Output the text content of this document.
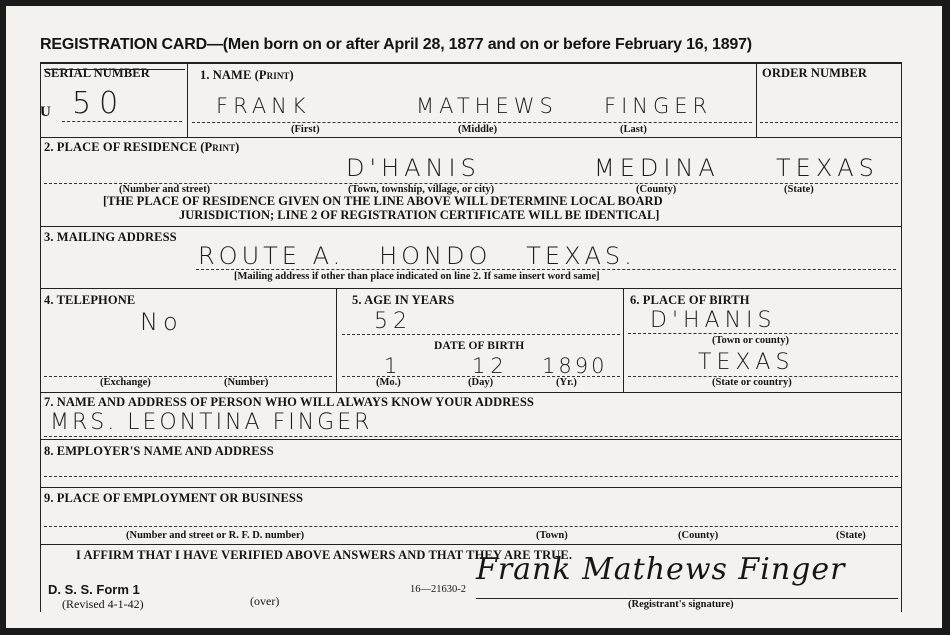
REGISTRATION CARD—(Men born on or after April 28, 1877 and on or before February 16, 1897)
SERIAL NUMBER
U 50
1. NAME (Print)
FRANK	MATHEWS FINGER
(First)	(Middle)	(Last)
ORDER NUMBER
2. PLACE OF RESIDENCE (Print)
D'HANIS	MEDINA TEXAS
(Number and street)	(Town, township, village, or city)	(County)	(State)
[THE PLACE OF RESIDENCE GIVEN ON THE LINE ABOVE WILL DETERMINE LOCAL BOARD
JURISDICTION; LINE 2 OF REGISTRATION CERTIFICATE WILL BE IDENTICAL]
3. MAILING ADDRESS
ROUTE A.   HONDO   TEXAS.
[Mailing address if other than place indicated on line 2. If same insert word same]
4. TELEPHONE
No
(Exchange)	(Number)
5. AGE IN YEARS
52
DATE OF BIRTH
1	12 1890
(Mo.)	(Day)	(Yr.)
6. PLACE OF BIRTH
D'HANIS
(Town or county)
TEXAS
(State or country)
7. NAME AND ADDRESS OF PERSON WHO WILL ALWAYS KNOW YOUR ADDRESS
MRS. LEONTINA FINGER
8. EMPLOYER'S NAME AND ADDRESS
9. PLACE OF EMPLOYMENT OR BUSINESS
(Number and street or R. F. D. number)	(Town)	(County)	(State)
I AFFIRM THAT I HAVE VERIFIED ABOVE ANSWERS AND THAT THEY ARE TRUE.
Frank Mathews Finger
(Registrant's signature)
D. S. S. Form 1
(Revised 4-1-42)	(over)
16—21630-2
